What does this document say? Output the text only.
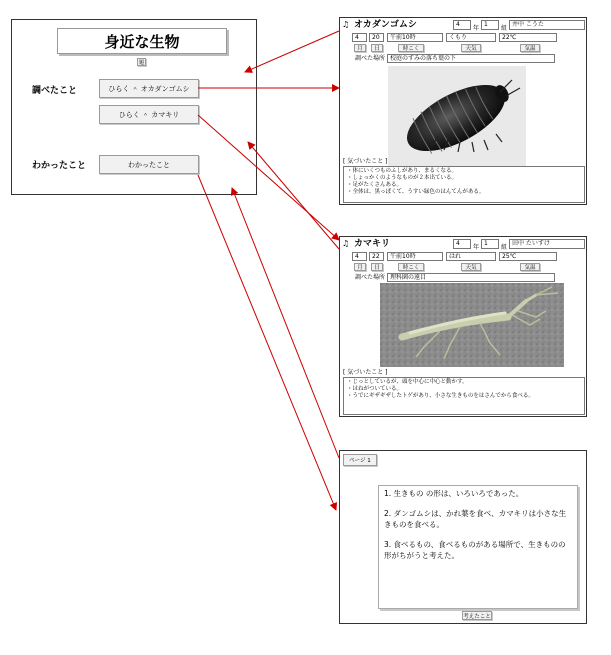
身近な生物
題
調べたこと	ひらく ＾ オカダンゴムシ
ひらく ＾ カマキリ
わかったこと	わかったこと
♫ オカダンゴムシ	4
年
1
組
井中 こうた
4	20	午前10時	くもり	22℃
月	日	時こく	天気	気温
調べた場所 校庭のすみの落ち葉の下
[ 気づいたこと ]
・体にいくつものふしがあり、まるくなる。
・しょっかくのようなものが２本出ている。
・足がたくさんある。
・全体は、黒っぽくて、うすい緑色のはんてんがある。
♫ カマキリ	4
年
1
組
田中 たいすけ
4	22	午前10時	はれ	25℃
月	日	時こく	天気	気温
調べた場所 理科園の遠目
[ 気づいたこと ]
・じっとしているが、頭を中心に中心と動かす。
・はねがついている。
・うでにギザギザしたトゲがあり、小さな生きものをはさんでから食べる。
ページ 1
1. 生きもの の形は、いろいろであった。
2. ダンゴムシは、かれ葉を食べ、カマキリは小さな生きものを食べる。
3. 食べるもの、食べるものがある場所で、生きものの形がちがうと考えた。
考えたこと
